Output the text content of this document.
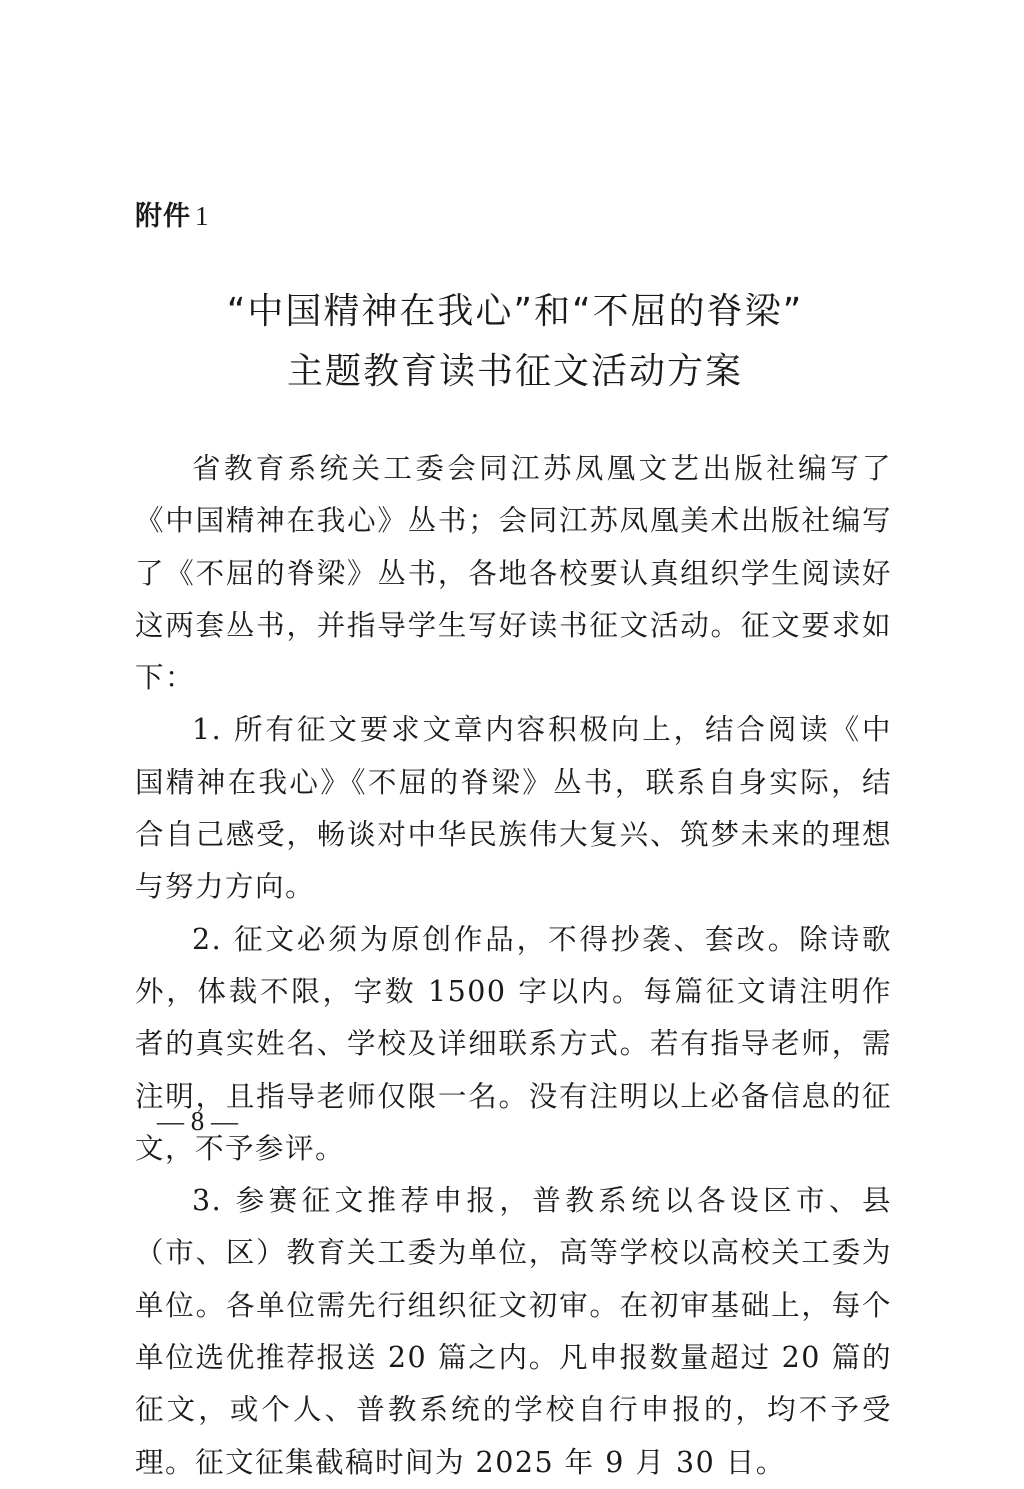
附件 1
“中国精神在我心”和“不屈的脊梁”
主题教育读书征文活动方案

省教育系统关工委会同江苏凤凰文艺出版社编写了《中国精神在我心》丛书；会同江苏凤凰美术出版社编写了《不屈的脊梁》丛书，各地各校要认真组织学生阅读好这两套丛书，并指导学生写好读书征文活动。征文要求如下：

1. 所有征文要求文章内容积极向上，结合阅读《中国精神在我心》《不屈的脊梁》丛书，联系自身实际，结合自己感受，畅谈对中华民族伟大复兴、筑梦未来的理想与努力方向。

2. 征文必须为原创作品，不得抄袭、套改。除诗歌外，体裁不限，字数 1500 字以内。每篇征文请注明作者的真实姓名、学校及详细联系方式。若有指导老师，需注明，且指导老师仅限一名。没有注明以上必备信息的征文，不予参评。

3. 参赛征文推荐申报，普教系统以各设区市、县（市、区）教育关工委为单位，高等学校以高校关工委为单位。各单位需先行组织征文初审。在初审基础上，每个单位选优推荐报送 20 篇之内。凡申报数量超过 20 篇的征文，或个人、普教系统的学校自行申报的，均不予受理。征文征集截稿时间为 2025 年 9 月 30 日。

— 8 —
